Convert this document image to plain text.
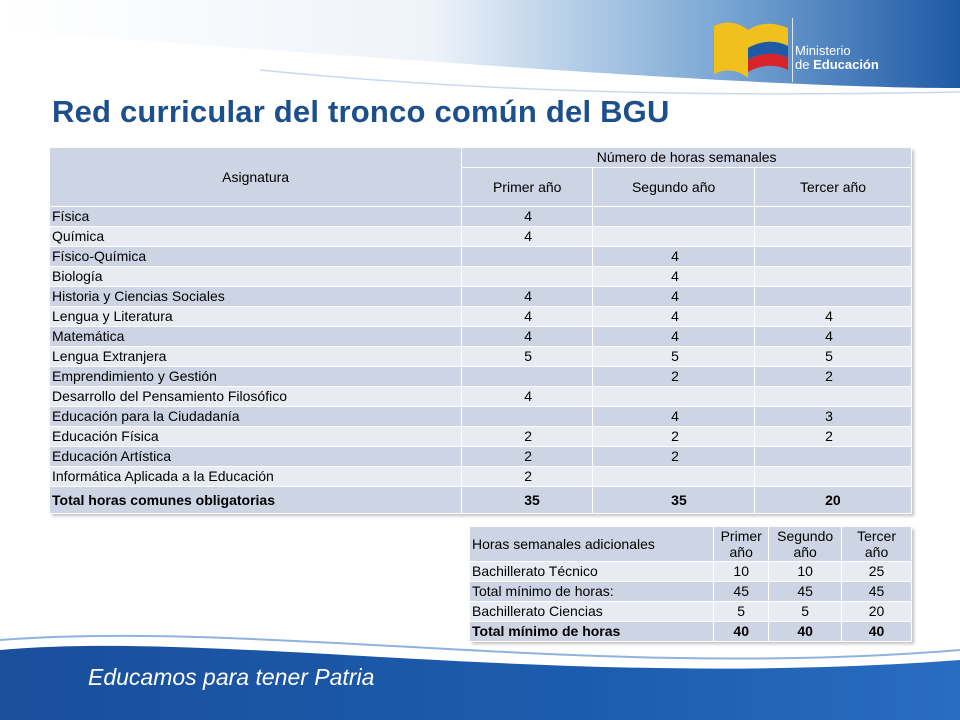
Ministerio
de Educación
Red curricular del tronco común del BGU
Asignatura	Número de horas semanales		
	Primer año	Segundo año	Tercer año
Física	4		
Química	4		
Físico-Química		4	
Biología		4	
Historia y Ciencias Sociales	4	4	
Lengua y Literatura	4	4	4
Matemática	4	4	4
Lengua Extranjera	5	5	5
Emprendimiento y Gestión		2	2
Desarrollo del Pensamiento Filosófico	4		
Educación para la Ciudadanía		4	3
Educación Física	2	2	2
Educación Artística	2	2	
Informática Aplicada a la Educación	2		
Total horas comunes obligatorias	35	35	20
Horas semanales adicionales	Primer año	Segundo año	Tercer año
Bachillerato Técnico	10	10	25
Total mínimo de horas:	45	45	45
Bachillerato Ciencias	5	5	20
Total mínimo de horas	40	40	40
Educamos para tener Patria
